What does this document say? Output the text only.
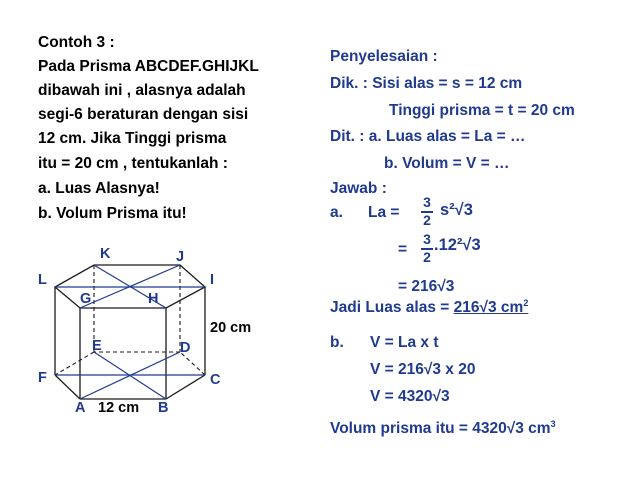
Contoh 3 :
Pada Prisma ABCDEF.GHIJKL
dibawah ini , alasnya adalah
segi-6 beraturan dengan sisi
12 cm. Jika Tinggi prisma
itu = 20 cm , tentukanlah :
a. Luas Alasnya!
b. Volum Prisma itu!
K	J
L	I
G	H
E	D
F	C
A	B
20 cm
12 cm
Penyelesaian :
Dik. : Sisi alas = s = 12 cm
Tinggi prisma = t = 20 cm
Dit. : a. Luas alas = La = …
b. Volum = V = …
Jawab :
a. La =
3
2
s²√3
=
3
2
.12²√3
= 216√3
Jadi Luas alas = 216√3 $cm^2$
b. V = La x t
V = 216√3 x 20
V = 4320√3
Volum prisma itu = 4320√3 $cm^3$
